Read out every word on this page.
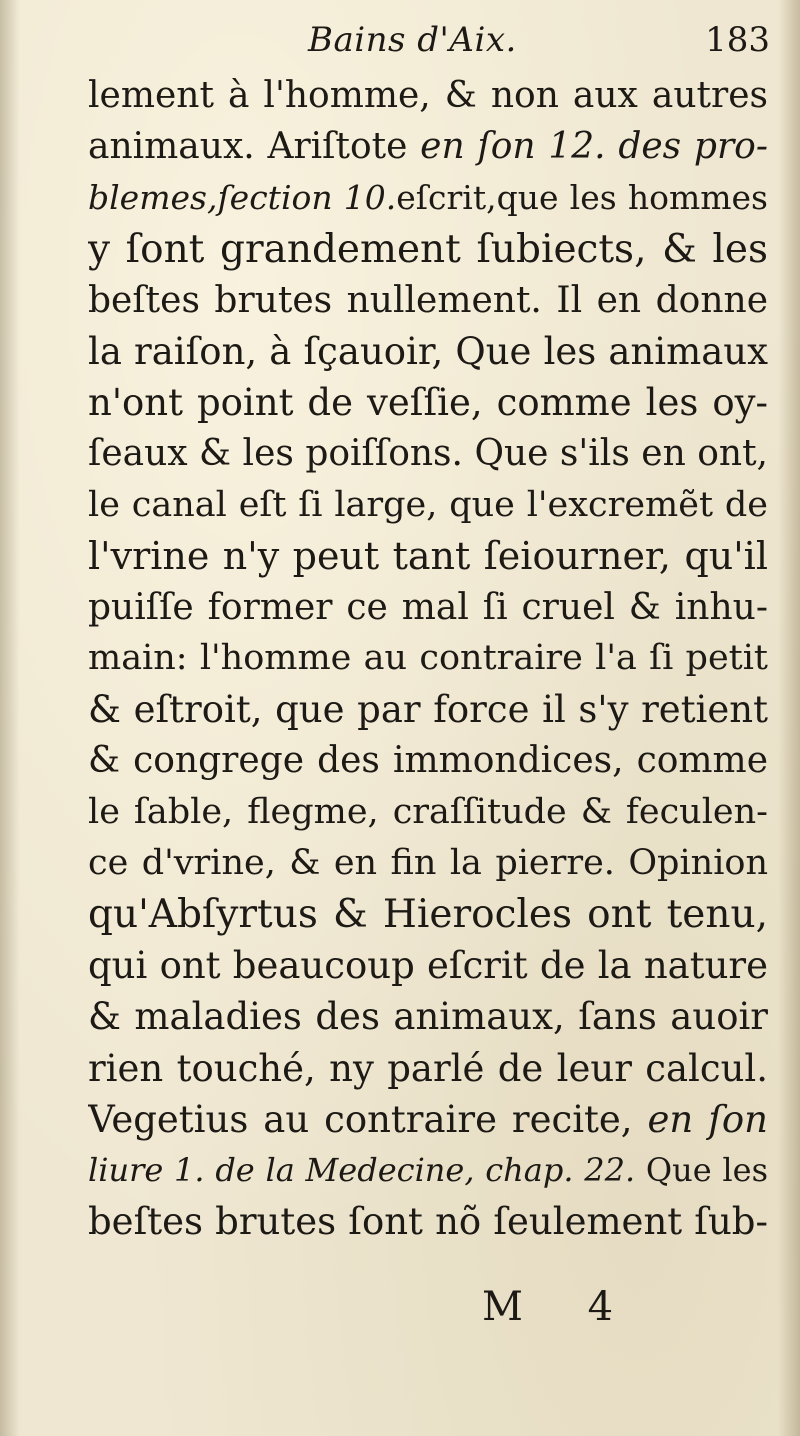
Bains d'Aix.	183
lement à l'homme, & non aux autres
animaux. Ariſtote en ſon 12. des pro-
blemes,ſection 10.eſcrit,que les hommes
y ſont grandement ſubiects, & les
beſtes brutes nullement. Il en donne
la raiſon, à ſçauoir, Que les animaux
n'ont point de veſſie, comme les oy-
ſeaux & les poiſſons. Que s'ils en ont,
le canal eſt ſi large, que l'excremẽt de
l'vrine n'y peut tant ſeiourner, qu'il
puiſſe former ce mal ſi cruel & inhu-
main: l'homme au contraire l'a ſi petit
& eſtroit, que par force il s'y retient
& congrege des immondices, comme
le ſable, flegme, craſſitude & feculen-
ce d'vrine, & en fin la pierre. Opinion
qu'Abſyrtus & Hierocles ont tenu,
qui ont beaucoup eſcrit de la nature
& maladies des animaux, ſans auoir
rien touché, ny parlé de leur calcul.
Vegetius au contraire recite, en ſon
liure 1. de la Medecine, chap. 22. Que les
beſtes brutes ſont nõ ſeulement ſub-
M 4
